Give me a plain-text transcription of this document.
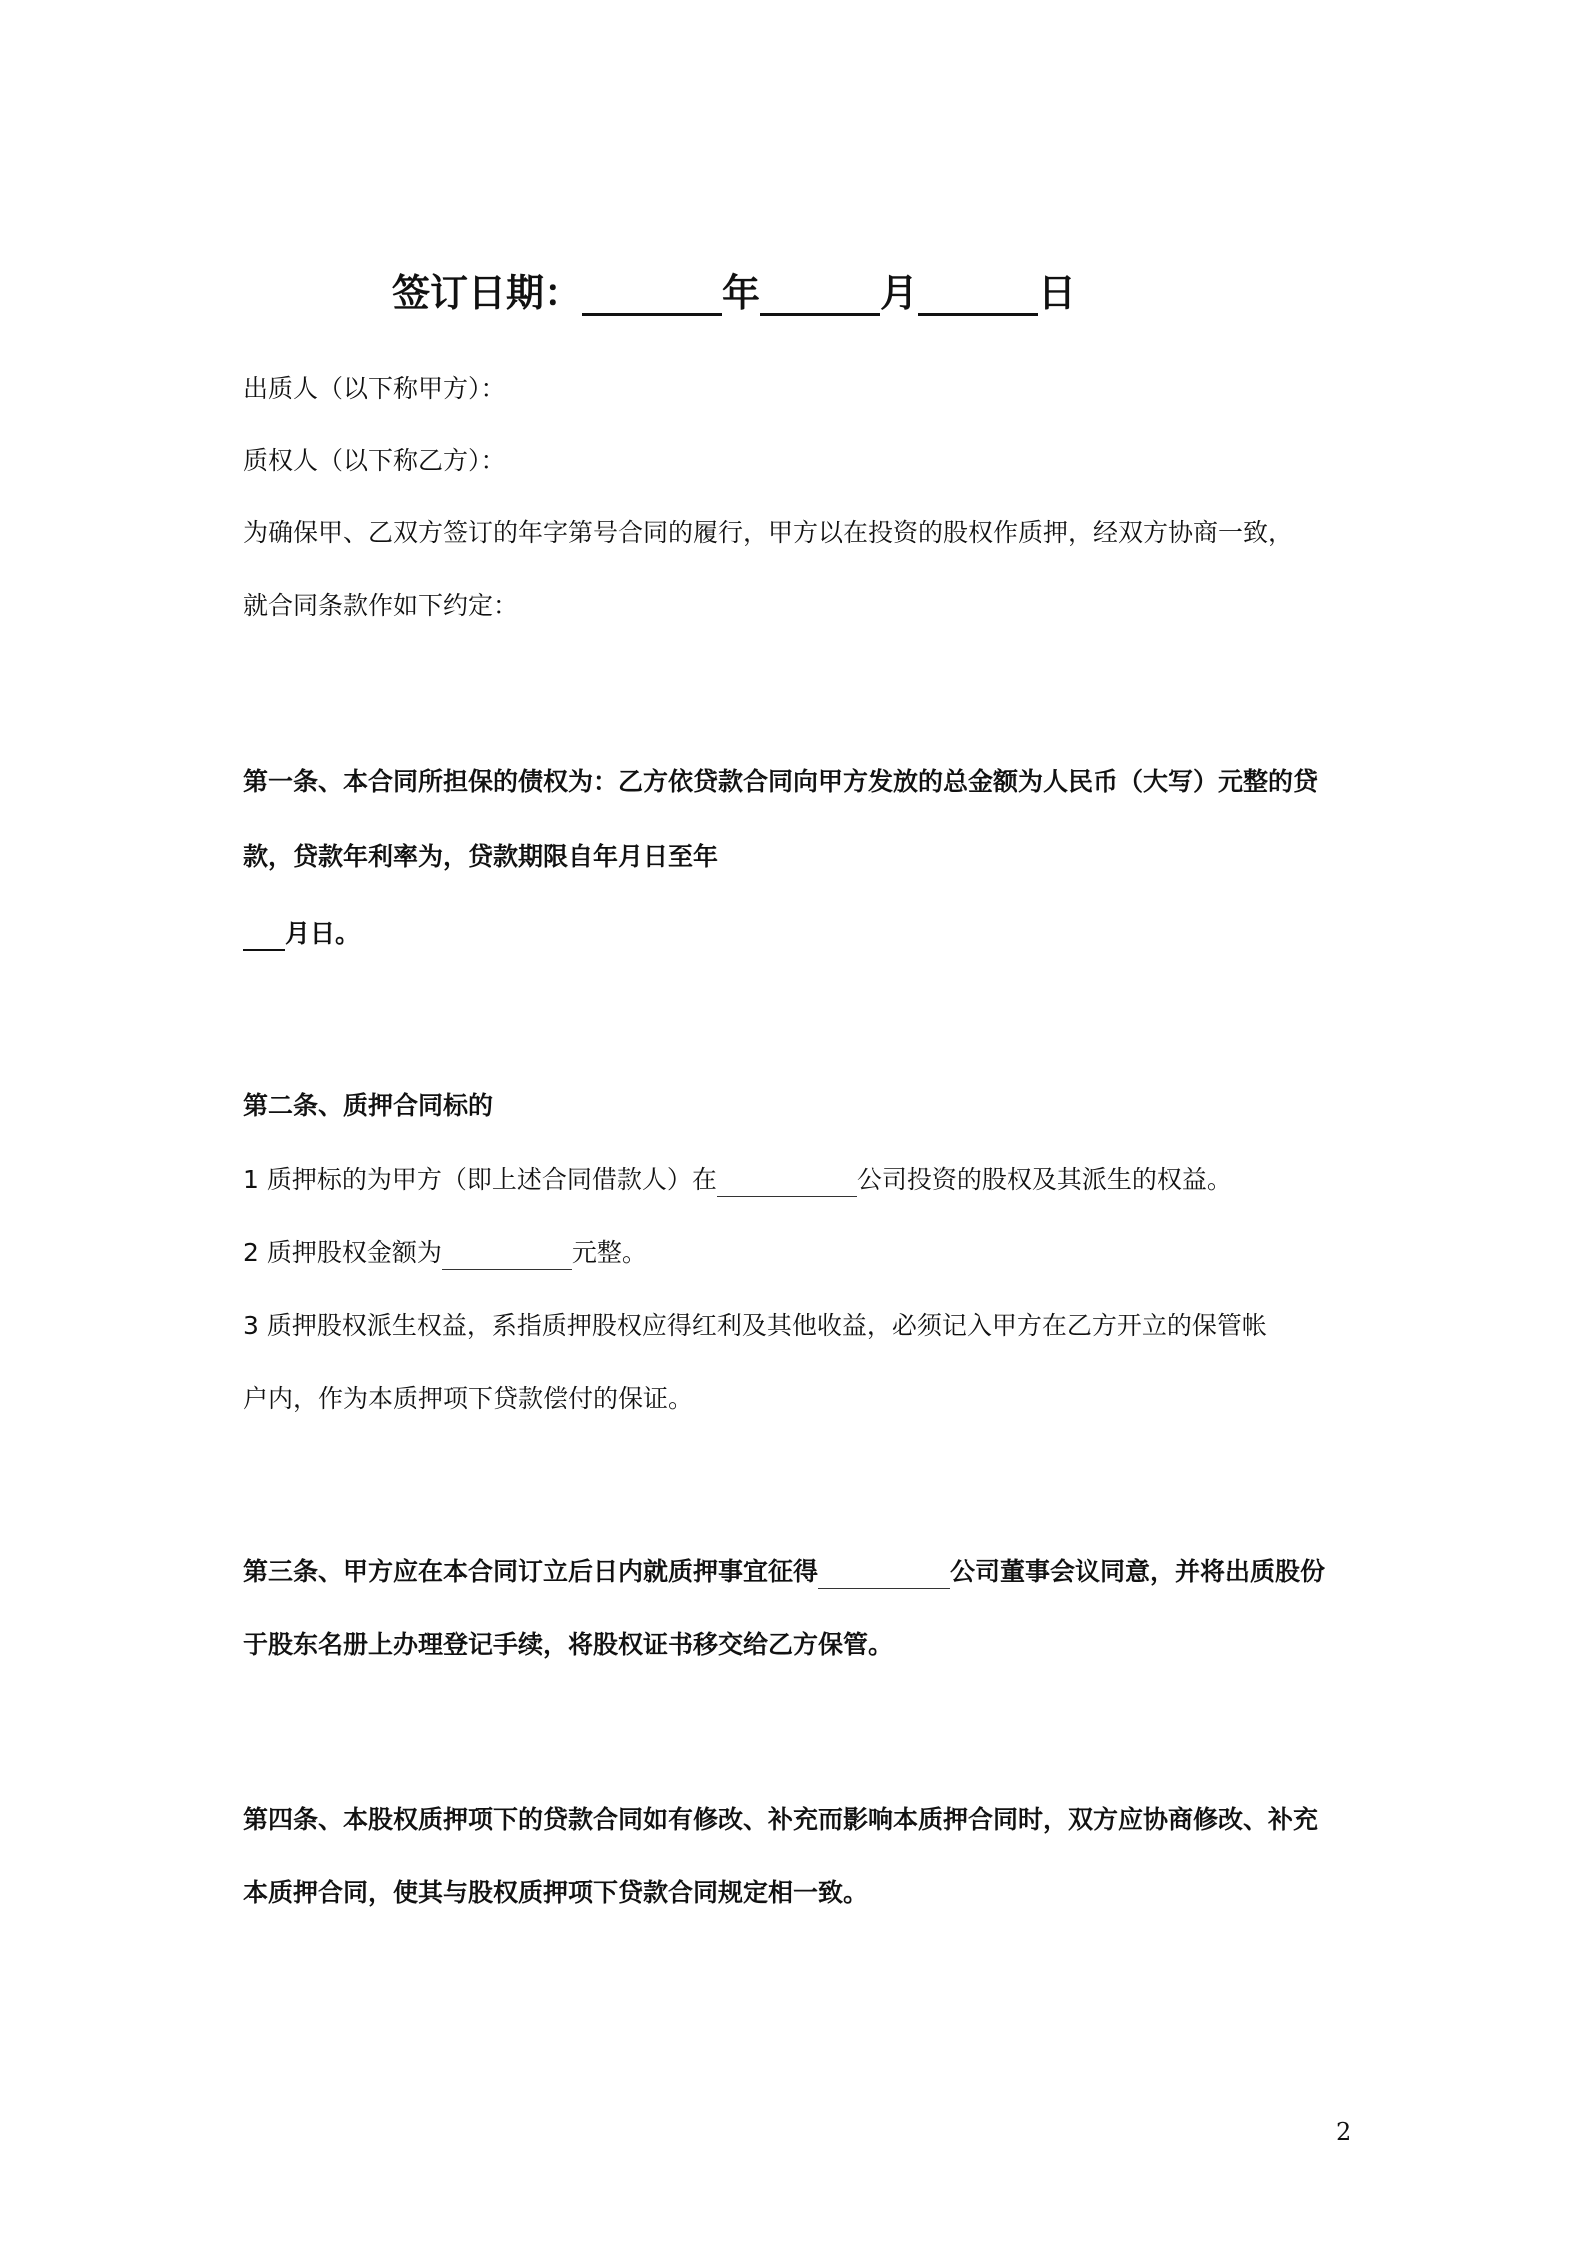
签订日期：	年	月	日
出质人（以下称甲方）：
质权人（以下称乙方）：
为确保甲、乙双方签订的年字第号合同的履行，甲方以在投资的股权作质押，经双方协商一致，
就合同条款作如下约定：
第一条、本合同所担保的债权为：乙方依贷款合同向甲方发放的总金额为人民币（大写）元整的贷
款，贷款年利率为，贷款期限自年月日至年
月日。
第二条、质押合同标的
1 质押标的为甲方（即上述合同借款人）在	公司投资的股权及其派生的权益。
2 质押股权金额为	元整。
3 质押股权派生权益，系指质押股权应得红利及其他收益，必须记入甲方在乙方开立的保管帐
户内，作为本质押项下贷款偿付的保证。
第三条、甲方应在本合同订立后日内就质押事宜征得	公司董事会议同意，并将出质股份
于股东名册上办理登记手续，将股权证书移交给乙方保管。
第四条、本股权质押项下的贷款合同如有修改、补充而影响本质押合同时，双方应协商修改、补充
本质押合同，使其与股权质押项下贷款合同规定相一致。
2
